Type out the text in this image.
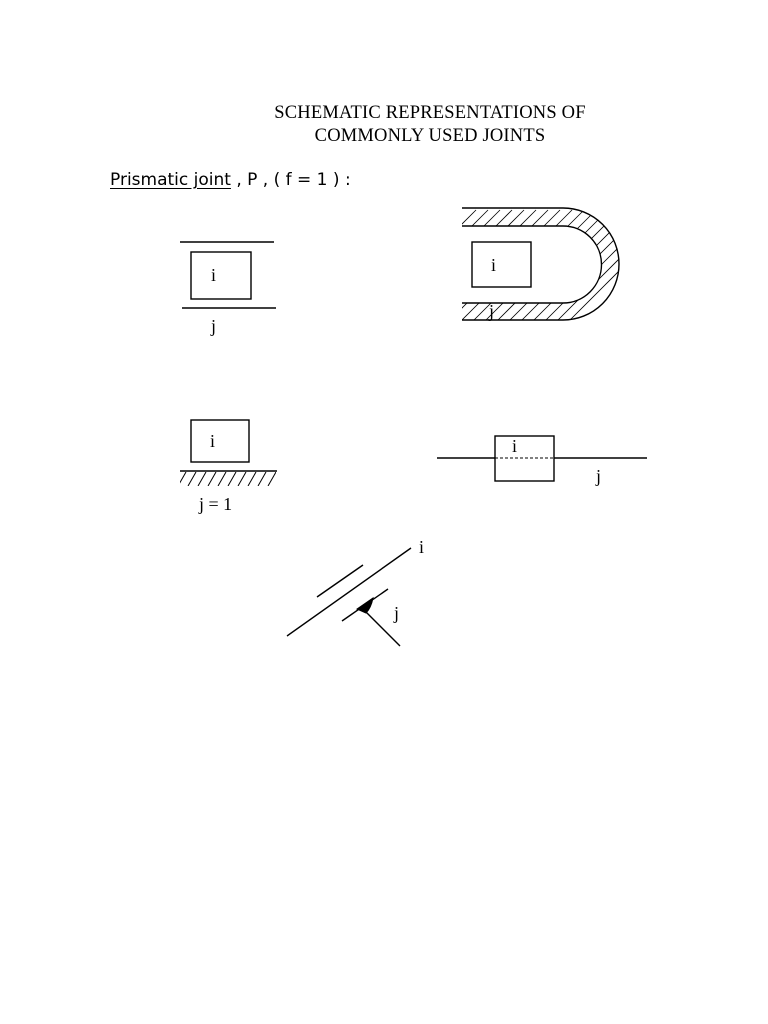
SCHEMATIC REPRESENTATIONS OF
COMMONLY USED JOINTS
Prismatic joint , P , ( f = 1 ) :
i
j
i
j
i
j = 1
i
j
i
j
